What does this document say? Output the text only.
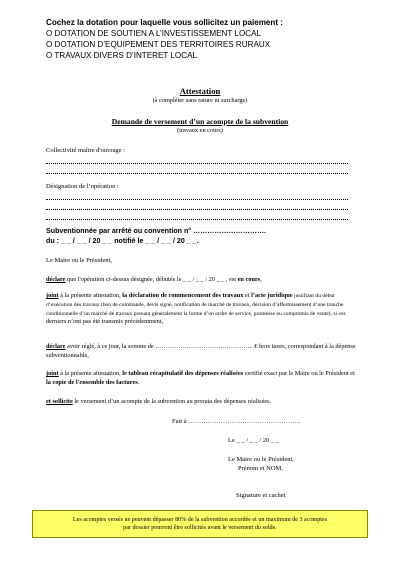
Cochez la dotation pour laquelle vous sollicitez un paiement :
O DOTATION DE SOUTIEN A L’INVESTISSEMENT LOCAL
O DOTATION D’EQUIPEMENT DES TERRITOIRES RURAUX
O TRAVAUX DIVERS D’INTERET LOCAL
Attestation
(à compléter sans rature ni surcharge)
Demande de versement d’un acompte de la subvention
(travaux en cours)
Collectivité maître d'ouvrage :
Désignation de l’opération :
Subventionnée par arrêté ou convention n° ………………………….
du : _ _ / _ _ / 20 _ _ notifié le _ _ / _ _ / 20 _ _.
Le Maire ou le Président,
déclare que l'opération ci-dessus désignée, débutée le _ _ / _ _ / 20 _ _ , est en cours,
joint à la présente attestation, la déclaration de commencement des travaux et l’acte juridique justifiant du début d’exécution des travaux (bon de commande, devis signé, notification de marché de travaux, décision d’affermissement d’une tranche conditionnelle d’un marché de travaux prenant généralement la forme d’un ordre de service, promesse ou compromis de vente), si ces derniers n’ont pas été transmis précédemment,
déclare avoir réglé, à ce jour, la somme de ……………………………………….. € hors taxes, correspondant à la dépense subventionnable,
joint à la présente attestation, le tableau récapitulatif des dépenses réalisées certifié exact par le Maire ou le Président et la copie de l'ensemble des factures.
et sollicite le versement d’un acompte de la subvention au prorata des dépenses réalisées.
Fait à …………………………………………….
Le _ _ / _ _ / 20 _ _
Le Maire ou le Président,
Prénom et NOM,
Signature et cachet
Les acomptes versés ne peuvent dépasser 80% de la subvention accordée et un maximum de 3 acomptes
par dossier pourront être sollicités avant le versement du solde.
